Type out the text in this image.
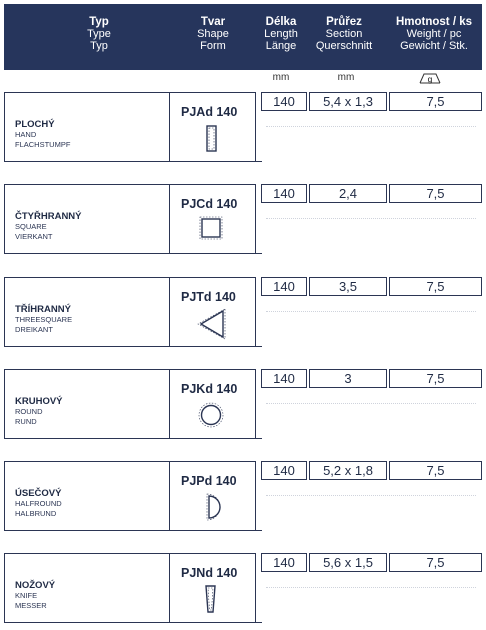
Typ
Type
Typ
Tvar
Shape
Form
Délka
Length
Länge
Průřez
Section
Querschnitt
Hmotnost / ks
Weight / pc
Gewicht / Stk.
mm	mm	g
PLOCHÝ
HAND
FLACHSTUMPF
PJAd 140
140	5,4 x 1,3	7,5
ČTYŘHRANNÝ
SQUARE
VIERKANT
PJCd 140
140	2,4	7,5
TŘÍHRANNÝ
THREESQUARE
DREIKANT
PJTd 140
140	3,5	7,5
KRUHOVÝ
ROUND
RUND
PJKd 140
140	3	7,5
ÚSEČOVÝ
HALFROUND
HALBRUND
PJPd 140
140	5,2 x 1,8	7,5
NOŽOVÝ
KNIFE
MESSER
PJNd 140
140	5,6 x 1,5	7,5
